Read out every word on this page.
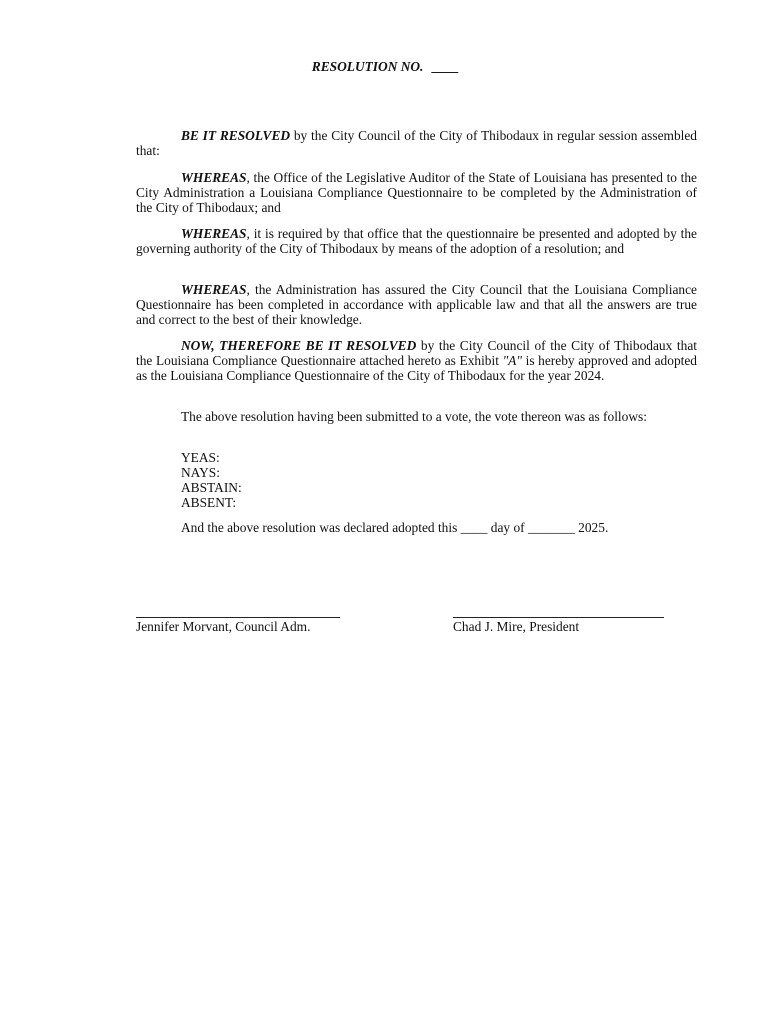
RESOLUTION NO. ____
BE IT RESOLVED by the City Council of the City of Thibodaux in regular session assembled that:
WHEREAS, the Office of the Legislative Auditor of the State of Louisiana has presented to the City Administration a Louisiana Compliance Questionnaire to be completed by the Administration of the City of Thibodaux; and
WHEREAS, it is required by that office that the questionnaire be presented and adopted by the governing authority of the City of Thibodaux by means of the adoption of a resolution; and
WHEREAS, the Administration has assured the City Council that the Louisiana Compliance Questionnaire has been completed in accordance with applicable law and that all the answers are true and correct to the best of their knowledge.
NOW, THEREFORE BE IT RESOLVED by the City Council of the City of Thibodaux that the Louisiana Compliance Questionnaire attached hereto as Exhibit "A" is hereby approved and adopted as the Louisiana Compliance Questionnaire of the City of Thibodaux for the year 2024.
The above resolution having been submitted to a vote, the vote thereon was as follows:
YEAS:
NAYS:
ABSTAIN:
ABSENT:
And the above resolution was declared adopted this ____ day of _______ 2025.
Jennifer Morvant, Council Adm.	Chad J. Mire, President
